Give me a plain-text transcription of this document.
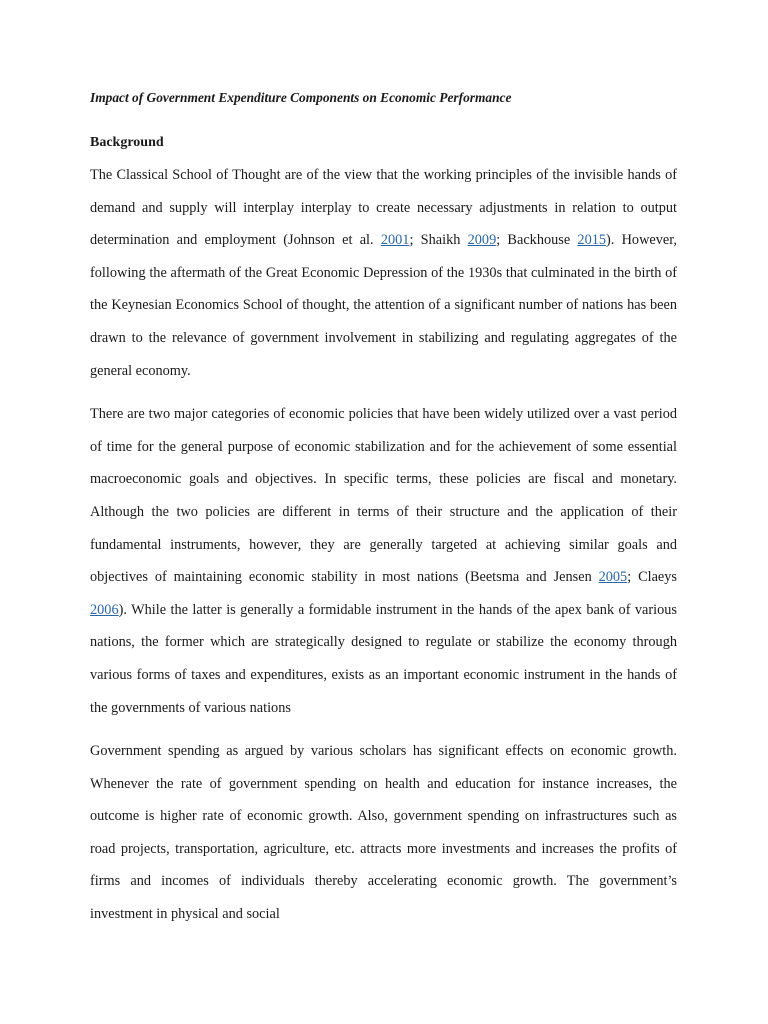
Impact of Government Expenditure Components on Economic Performance

Background

The Classical School of Thought are of the view that the working principles of the invisible hands of demand and supply will interplay interplay to create necessary adjustments in relation to output determination and employment (Johnson et al. 2001; Shaikh 2009; Backhouse 2015). However, following the aftermath of the Great Economic Depression of the 1930s that culminated in the birth of the Keynesian Economics School of thought, the attention of a significant number of nations has been drawn to the relevance of government involvement in stabilizing and regulating aggregates of the general economy.

There are two major categories of economic policies that have been widely utilized over a vast period of time for the general purpose of economic stabilization and for the achievement of some essential macroeconomic goals and objectives. In specific terms, these policies are fiscal and monetary. Although the two policies are different in terms of their structure and the application of their fundamental instruments, however, they are generally targeted at achieving similar goals and objectives of maintaining economic stability in most nations (Beetsma and Jensen 2005; Claeys 2006). While the latter is generally a formidable instrument in the hands of the apex bank of various nations, the former which are strategically designed to regulate or stabilize the economy through various forms of taxes and expenditures, exists as an important economic instrument in the hands of the governments of various nations

Government spending as argued by various scholars has significant effects on economic growth. Whenever the rate of government spending on health and education for instance increases, the outcome is higher rate of economic growth. Also, government spending on infrastructures such as road projects, transportation, agriculture, etc. attracts more investments and increases the profits of firms and incomes of individuals thereby accelerating economic growth. The government’s investment in physical and social
